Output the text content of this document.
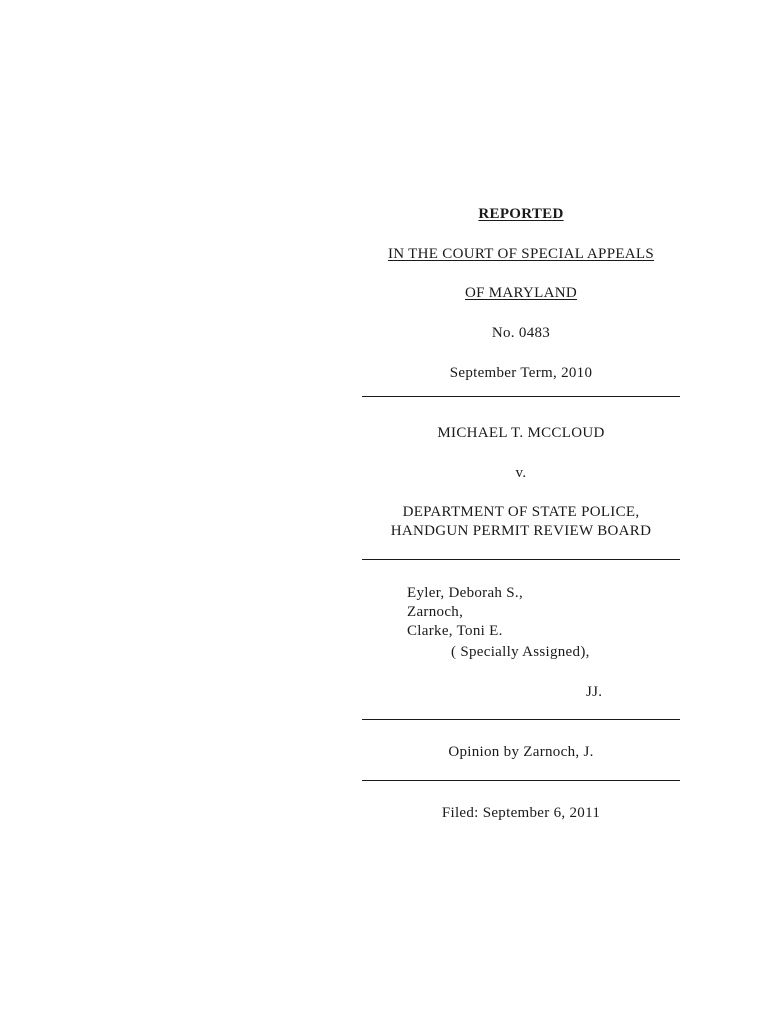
REPORTED
IN THE COURT OF SPECIAL APPEALS
OF MARYLAND
No. 0483
September Term, 2010
MICHAEL T. MCCLOUD
v.
DEPARTMENT OF STATE POLICE,
HANDGUN PERMIT REVIEW BOARD
Eyler, Deborah S.,
Zarnoch,
Clarke, Toni E.
( Specially Assigned),
JJ.
Opinion by Zarnoch, J.
Filed: September 6, 2011
